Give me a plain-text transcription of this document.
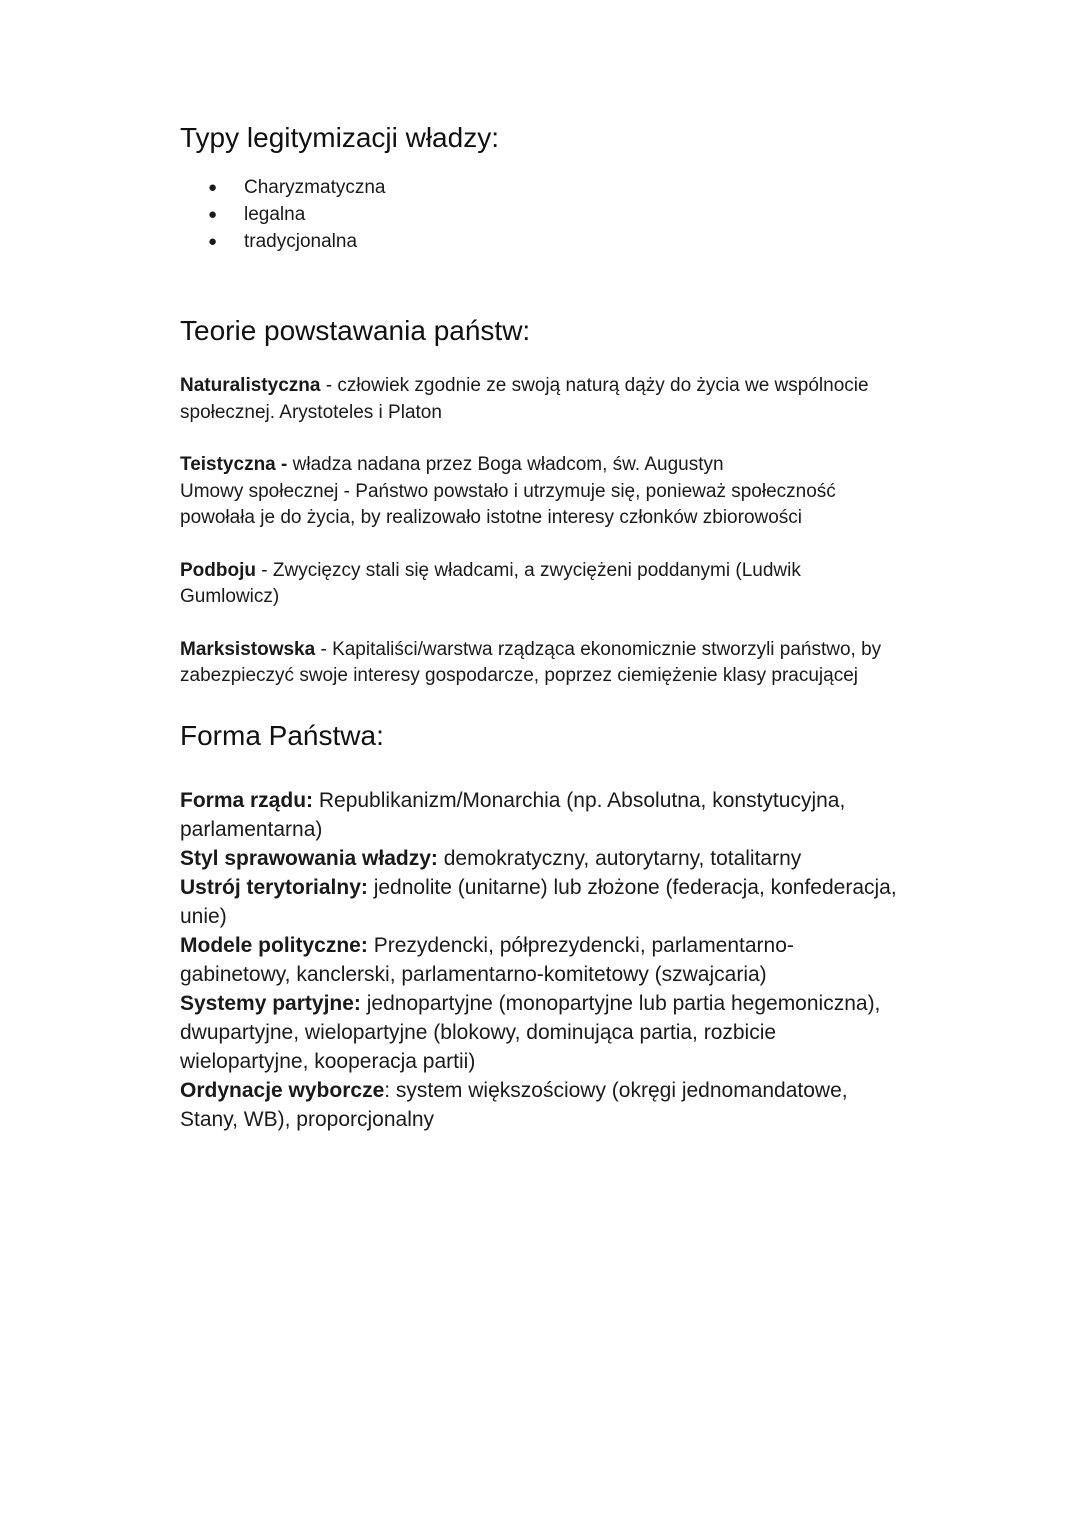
Typy legitymizacji władzy:
● Charyzmatyczna
● legalna
● tradycjonalna
Teorie powstawania państw:

Naturalistyczna - człowiek zgodnie ze swoją naturą dąży do życia we wspólnocie społecznej. Arystoteles i Platon

Teistyczna - władza nadana przez Boga władcom, św. Augustyn

Umowy społecznej - Państwo powstało i utrzymuje się, ponieważ społeczność powołała je do życia, by realizowało istotne interesy członków zbiorowości

Podboju - Zwycięzcy stali się władcami, a zwyciężeni poddanymi (Ludwik Gumlowicz)

Marksistowska - Kapitaliści/warstwa rządząca ekonomicznie stworzyli państwo, by zabezpieczyć swoje interesy gospodarcze, poprzez ciemiężenie klasy pracującej

Forma Państwa:

Forma rządu: Republikanizm/Monarchia (np. Absolutna, konstytucyjna, parlamentarna)

Styl sprawowania władzy: demokratyczny, autorytarny, totalitarny

Ustrój terytorialny: jednolite (unitarne) lub złożone (federacja, konfederacja, unie)

Modele polityczne: Prezydencki, półprezydencki, parlamentarno-gabinetowy, kanclerski, parlamentarno-komitetowy (szwajcaria)

Systemy partyjne: jednopartyjne (monopartyjne lub partia hegemoniczna), dwupartyjne, wielopartyjne (blokowy, dominująca partia, rozbicie wielopartyjne, kooperacja partii)

Ordynacje wyborcze: system większościowy (okręgi jednomandatowe, Stany, WB), proporcjonalny
